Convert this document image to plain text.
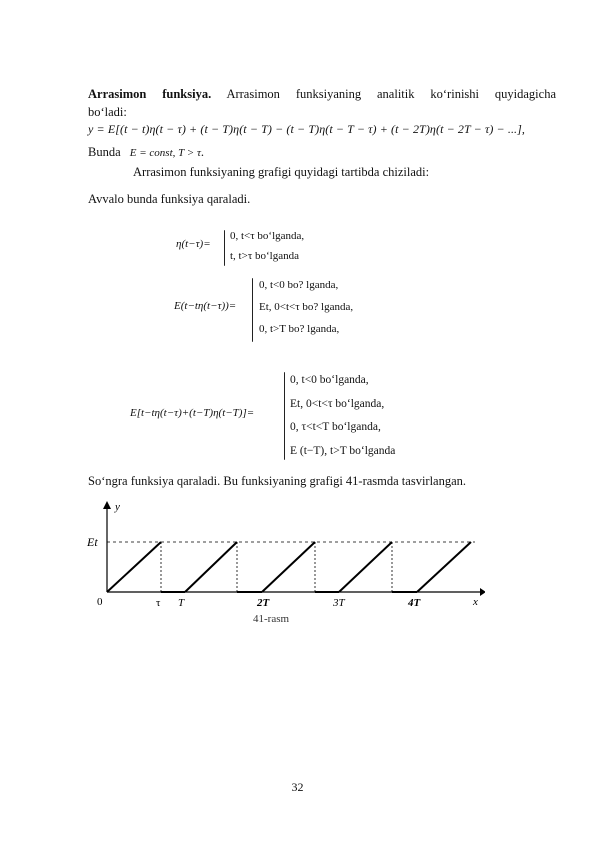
Arrasimon funksiya. Arrasimon funksiyaning analitik ko‘rinishi quyidagicha
bo‘ladi:
y = E[(t − t)η(t − τ) + (t − T)η(t − T) − (t − T)η(t − T − τ) + (t − 2T)η(t − 2T − τ) − ...],
Bunda E = const, T > τ.
Arrasimon funksiyaning grafigi quyidagi tartibda chiziladi:
Avvalo bunda funksiya qaraladi.
η(t−τ)=
0, t<τ bo‘lganda,
t, t>τ bo‘lganda
E(t−tη(t−τ))=
0, t<0 bo? lganda,
Et, 0<t<τ bo? lganda,
0, t>T bo? lganda,
E[t−tη(t−τ)+(t−T)η(t−T)]=
0, t<0 bo‘lganda,
Et, 0<t<τ bo‘lganda,
0, τ<t<T bo‘lganda,
E (t−T), t>T bo‘lganda
So‘ngra funksiya qaraladi. Bu funksiyaning grafigi 41-rasmda tasvirlangan.
y
x
Et
0	τ T	2T	3T	4T
41-rasm
32
